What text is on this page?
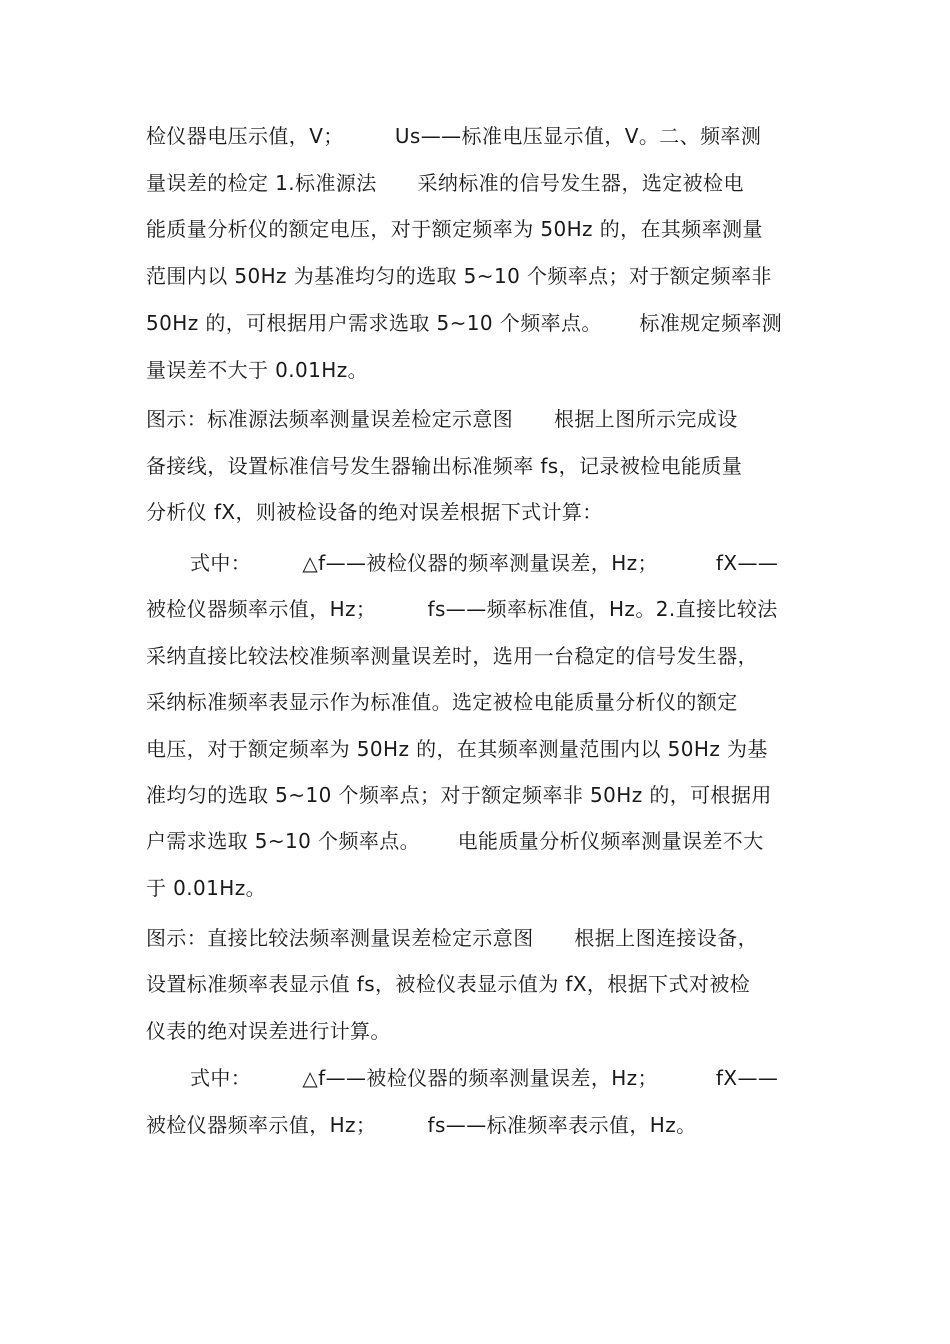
检仪器电压示值，V；　　　Us——标准电压显示值，V。二、频率测
量误差的检定 1.标准源法　　采纳标准的信号发生器，选定被检电
能质量分析仪的额定电压，对于额定频率为 50Hz 的，在其频率测量
范围内以 50Hz 为基准均匀的选取 5~10 个频率点；对于额定频率非
50Hz 的，可根据用户需求选取 5~10 个频率点。　　 标准规定频率测
量误差不大于 0.01Hz。
图示：标准源法频率测量误差检定示意图　　根据上图所示完成设
备接线，设置标准信号发生器输出标准频率 fs，记录被检电能质量
分析仪 fX，则被检设备的绝对误差根据下式计算：
式中：　　　△f——被检仪器的频率测量误差，Hz；　　　 fX——
被检仪器频率示值，Hz；　　　fs——频率标准值，Hz。2.直接比较法
采纳直接比较法校准频率测量误差时，选用一台稳定的信号发生器，
采纳标准频率表显示作为标准值。选定被检电能质量分析仪的额定
电压，对于额定频率为 50Hz 的，在其频率测量范围内以 50Hz 为基
准均匀的选取 5~10 个频率点；对于额定频率非 50Hz 的，可根据用
户需求选取 5~10 个频率点。　　 电能质量分析仪频率测量误差不大
于 0.01Hz。
图示：直接比较法频率测量误差检定示意图　　根据上图连接设备，
设置标准频率表显示值 fs，被检仪表显示值为 fX，根据下式对被检
仪表的绝对误差进行计算。
式中：　　　△f——被检仪器的频率测量误差，Hz；　　　 fX——
被检仪器频率示值，Hz；　　　fs——标准频率表示值，Hz。
